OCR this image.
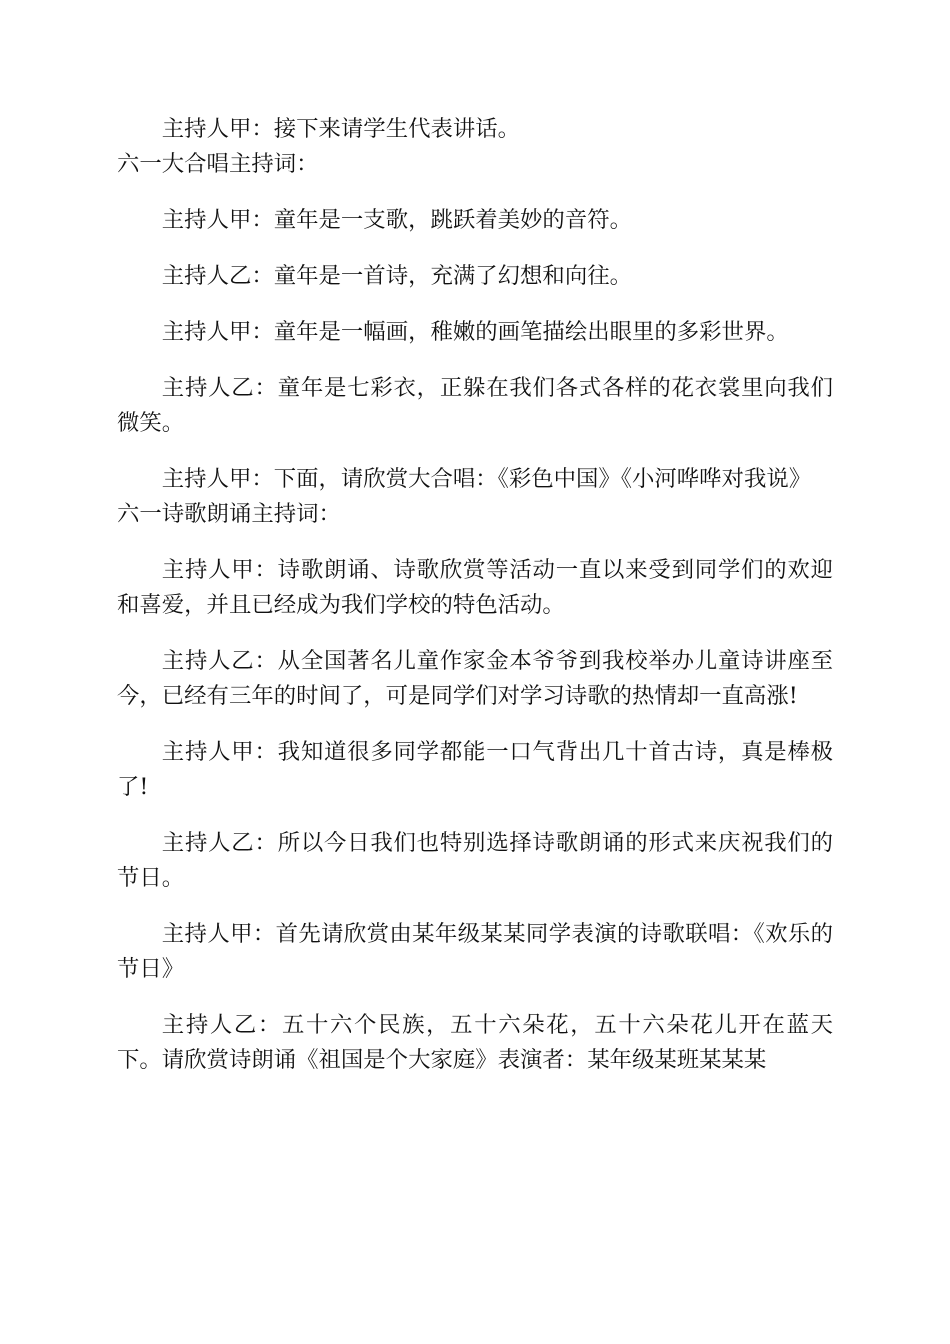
主持人甲：接下来请学生代表讲话。

六一大合唱主持词：

主持人甲：童年是一支歌，跳跃着美妙的音符。

主持人乙：童年是一首诗，充满了幻想和向往。

主持人甲：童年是一幅画，稚嫩的画笔描绘出眼里的多彩世界。

主持人乙：童年是七彩衣，正躲在我们各式各样的花衣裳里向我们微笑。

主持人甲：下面，请欣赏大合唱：《彩色中国》《小河哗哗对我说》

六一诗歌朗诵主持词：

主持人甲：诗歌朗诵、诗歌欣赏等活动一直以来受到同学们的欢迎和喜爱，并且已经成为我们学校的特色活动。

主持人乙：从全国著名儿童作家金本爷爷到我校举办儿童诗讲座至今，已经有三年的时间了，可是同学们对学习诗歌的热情却一直高涨!

主持人甲：我知道很多同学都能一口气背出几十首古诗，真是棒极了!

主持人乙：所以今日我们也特别选择诗歌朗诵的形式来庆祝我们的节日。

主持人甲：首先请欣赏由某年级某某同学表演的诗歌联唱：《欢乐的节日》

主持人乙：五十六个民族，五十六朵花，五十六朵花儿开在蓝天下。请欣赏诗朗诵《祖国是个大家庭》表演者：某年级某班某某某
